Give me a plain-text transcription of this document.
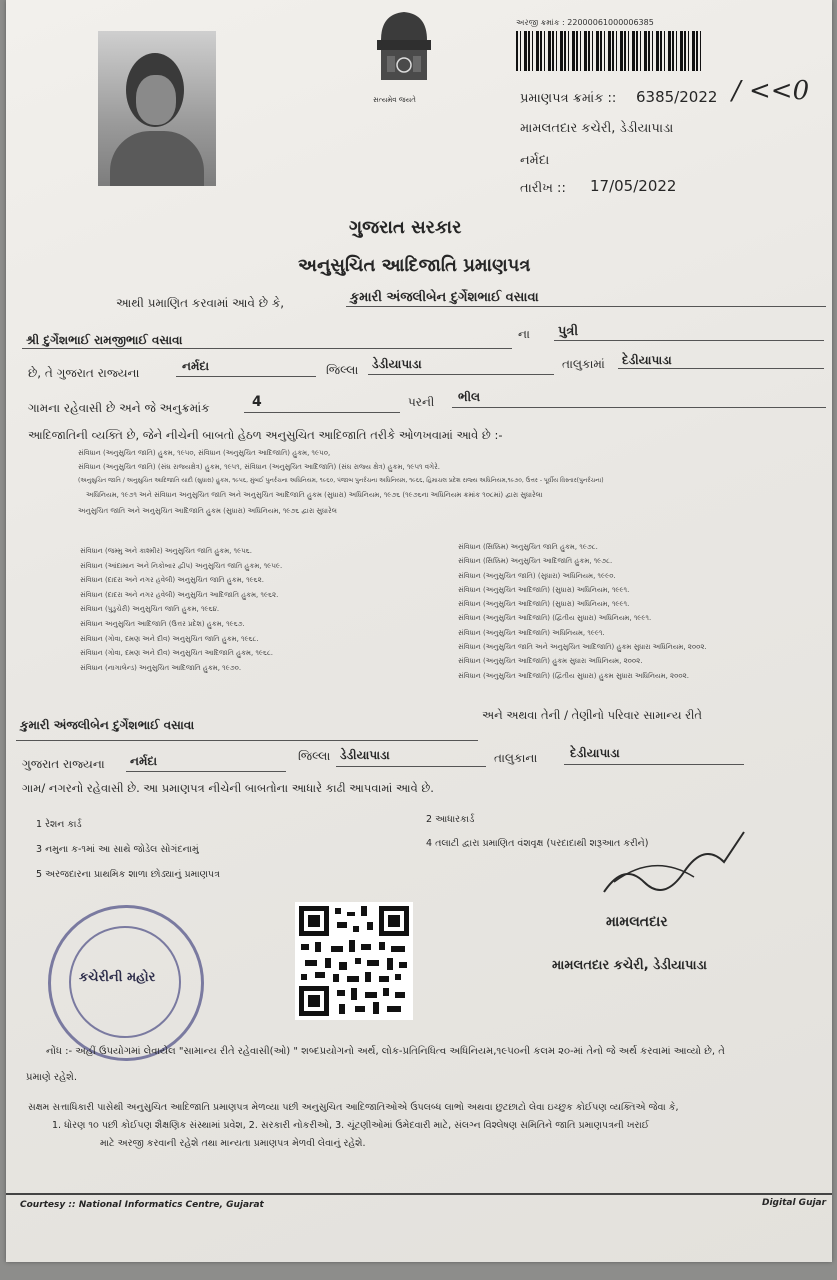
સત્યમેવ જયતે
અરજી ક્રમાંક : 22000061000006385
પ્રમાણપત્ર ક્રમાંક :: 6385/2022 / <<0
મામલતદાર કચેરી, ડેડીયાપાડા
નર્મદા
તારીખ :: 17/05/2022
ગુજરાત સરકાર
અનુસુચિત આદિજાતિ પ્રમાણપત્ર
આથી પ્રમાણિત કરવામાં આવે છે કે,	કુમારી અંજલીબેન દુર્ગેશભાઈ વસાવા
શ્રી દુર્ગેશભાઈ રામજીભાઈ વસાવા	ના પુત્રી
છે, તે ગુજરાત રાજ્યના	નર્મદા	જિલ્લા ડેડીયાપાડા	તાલુકામાં દેડીયાપાડા
ગામના રહેવાસી છે અને જે અનુક્રમાંક	4	પરની ભીલ
આદિજાતિની વ્યક્તિ છે, જેને નીચેની બાબતો હેઠળ અનુસુચિત આદિજાતિ તરીકે ઓળખવામાં આવે છે :-
સંવિધાન (અનુસુચિત જાતિ) હુકમ, ૧૯૫૦, સંવિધાન (અનુસુચિત આદિજાતિ) હુકમ, ૧૯૫૦,
સંવિધાન (અનુસુચિત જાતિ) (સંઘ રાજ્યક્ષેત્ર) હુકમ, ૧૯૫૧, સંવિધાન (અનુસુચિત આદિજાતિ) (સંઘ રાજ્ય ક્ષેત્ર) હુકમ, ૧૯૫૧ વગેરે.
(અનુસુચિત જાતિ / અનુસુચિત આદિજાતિ યાદી (સુધારા) હુકમ, ૧૯૫૬, મુંબઈ પુનર્રચના અધિનિયમ, ૧૯૬૦, પંજાબ પુનર્રચના અધિનિયમ, ૧૯૬૬, હિમાચલ પ્રદેશ રાજ્ય અધિનિયમ,૧૯૭૦, ઉત્તર - પૂર્વીય વિસ્તાર(પુનર્રચના)
અધિનિયમ, ૧૯૭૧ અને સંવિધાન અનુસુચિત જાતિ અને અનુસુચિત આદિજાતિ હુકમ (સુધારા) અધિનિયમ, ૧૯૭૬ (૧૯૭૬ના અધિનિયમ ક્રમાંક ૧૦૮માં) દ્વારા સુધારેલા
અનુસુચિત જાતિ અને અનુસુચિત આદિજાતિ હુકમ (સુધારા) અધિનિયમ, ૧૯૭૬ દ્વારા સુધારેલ
સંવિધાન (જમ્મુ અને કાશ્મીર) અનુસુચિત જાતિ હુકમ, ૧૯૫૬.
સંવિધાન (આંદામાન અને નિકોબાર દ્વીપ) અનુસુચિત જાતિ હુકમ, ૧૯૫૯.
સંવિધાન (દાદરા અને નગર હવેલી) અનુસુચિત જાતિ હુકમ, ૧૯૬૨.
સંવિધાન (દાદરા અને નગર હવેલી) અનુસુચિત આદિજાતિ હુકમ, ૧૯૬૨.
સંવિધાન (પુડુચેરી) અનુસુચિત જાતિ હુકમ, ૧૯૬૪.
સંવિધાન અનુસુચિત આદિજાતિ (ઉત્તર પ્રદેશ) હુકમ, ૧૯૬૭.
સંવિધાન (ગોવા, દમણ અને દીવ) અનુસુચિત જાતિ હુકમ, ૧૯૬૮.
સંવિધાન (ગોવા, દમણ અને દીવ) અનુસુચિત આદિજાતિ હુકમ, ૧૯૬૮.
સંવિધાન (નાગાલેન્ડ) અનુસુચિત આદિજાતિ હુકમ, ૧૯૭૦.
સંવિધાન (સિક્કિમ) અનુસુચિત જાતિ હુકમ, ૧૯૭૮.
સંવિધાન (સિક્કિમ) અનુસુચિત આદિજાતિ હુકમ, ૧૯૭૮.
સંવિધાન (અનુસુચિત જાતિ) (સુધારા) અધિનિયમ, ૧૯૯૦.
સંવિધાન (અનુસુચિત આદિજાતિ) (સુધારા) અધિનિયમ, ૧૯૯૧.
સંવિધાન (અનુસુચિત આદિજાતિ) (સુધારા) અધિનિયમ, ૧૯૯૧.
સંવિધાન (અનુસુચિત આદિજાતિ) (દ્વિતીય સુધારા) અધિનિયમ, ૧૯૯૧.
સંવિધાન (અનુસુચિત આદિજાતિ) અધિનિયમ, ૧૯૯૧.
સંવિધાન (અનુસુચિત જાતિ અને અનુસુચિત આદિજાતિ) હુકમ સુધારા અધિનિયમ, ૨૦૦૨.
સંવિધાન (અનુસુચિત આદિજાતિ) હુકમ સુધારા અધિનિયમ, ૨૦૦૨.
સંવિધાન (અનુસુચિત આદિજાતિ) (દ્વિતીય સુધારા) હુકમ સુધારા અધિનિયમ, ૨૦૦૨.
કુમારી અંજલીબેન દુર્ગેશભાઈ વસાવા
અને અથવા તેની / તેણીનો પરિવાર સામાન્ય રીતે
ગુજરાત રાજ્યના નર્મદા	જિલ્લા ડેડીયાપાડા	તાલુકાના	દેડીયાપાડા
ગામ/ નગરનો રહેવાસી છે. આ પ્રમાણપત્ર નીચેની બાબતોના આધારે કાઢી આપવામાં આવે છે.
1 રેશન કાર્ડ	2 આધારકાર્ડ
3 નમુના ક-૧માં આ સાથે જોડેલ સોગંદનામું
4 તલાટી દ્વારા પ્રમાણિત વંશવૃક્ષ (પરદાદાથી શરૂઆત કરીને)
5 અરજદારના પ્રાથમિક શાળા છોડ્યાનું પ્રમાણપત્ર
કચેરીની મહોર
મામલતદાર
મામલતદાર કચેરી, ડેડીયાપાડા
નોંધ :- અહીં ઉપયોગમાં લેવાયેલ "સામાન્ય રીતે રહેવાસી(ઓ) " શબ્દપ્રયોગનો અર્થ, લોક-પ્રતિનિધિત્વ અધિનિયમ,૧૯૫૦ની કલમ ૨૦-માં તેનો જે અર્થ કરવામાં આવ્યો છે, તે
પ્રમાણે રહેશે.
સક્ષમ સત્તાધિકારી પાસેથી અનુસુચિત આદિજાતિ પ્રમાણપત્ર મેળવ્યા પછી અનુસુચિત આદિજાતિઓએ ઉપલબ્ધ લાભો અથવા છુટછાટો લેવા ઇચ્છુક કોઈપણ વ્યક્તિએ જેવા કે,
1. ધોરણ ૧૦ પછી કોઈપણ શૈક્ષણિક સંસ્થામાં પ્રવેશ, 2. સરકારી નોકરીઓ, 3. ચૂંટણીઓમાં ઉમેદવારી માટે, સંલગ્ન વિશ્લેષણ સમિતિને જાતિ પ્રમાણપત્રની ખરાઈ
માટે અરજી કરવાની રહેશે તથા માન્યતા પ્રમાણપત્ર મેળવી લેવાનું રહેશે.
Courtesy :: National Informatics Centre, Gujarat	Digital Gujar
